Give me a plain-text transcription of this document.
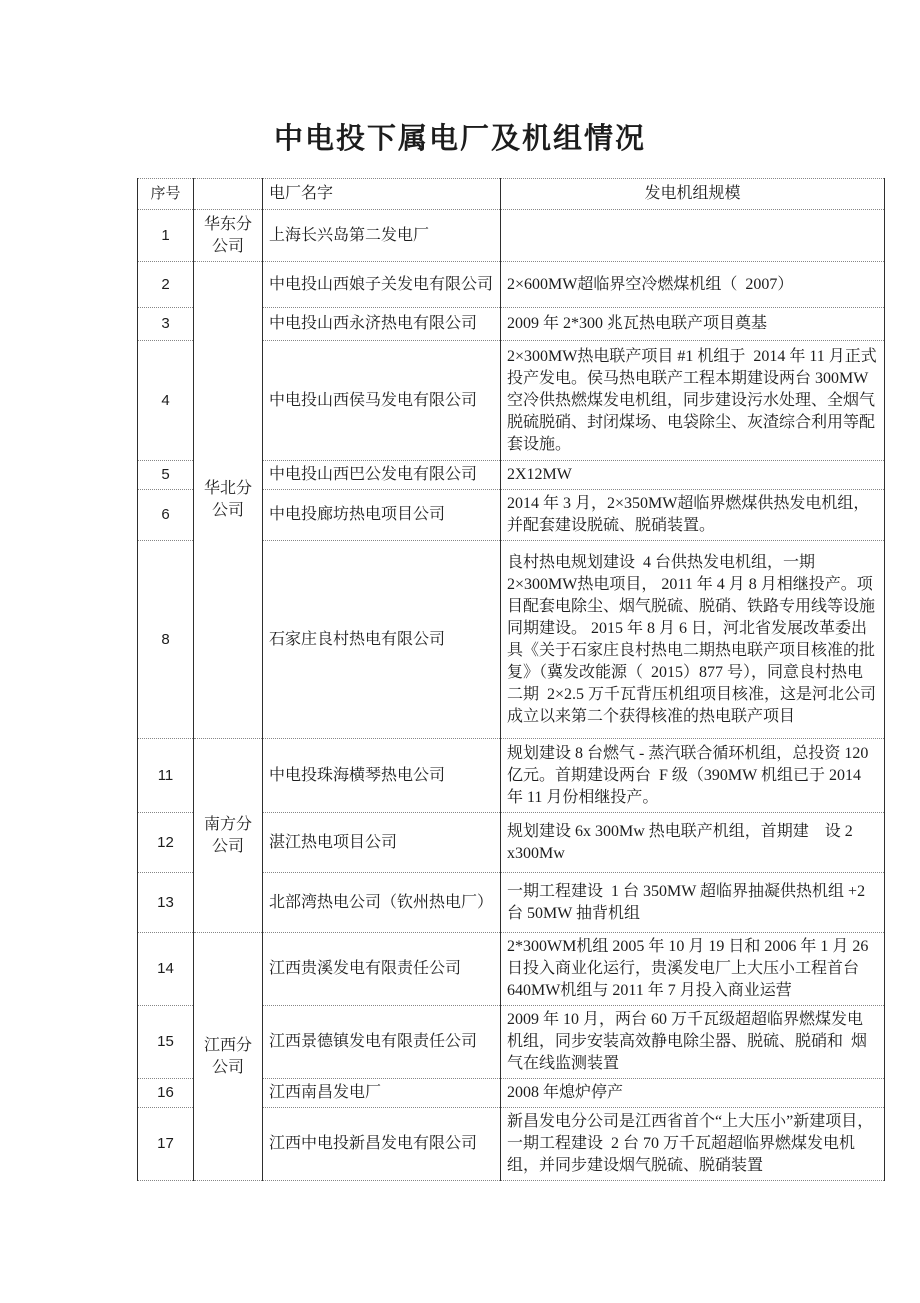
中电投下属电厂及机组情况
序号		电厂名字	发电机组规模
1	华东分公司	上海长兴岛第二发电厂	
2	华北分公司	中电投山西娘子关发电有限公司	2×600MW超临界空冷燃煤机组（  2007）
3		中电投山西永济热电有限公司	2009 年 2*300 兆瓦热电联产项目奠基
4		中电投山西侯马发电有限公司	2×300MW热电联产项目 #1 机组于  2014 年 11 月正式投产发电。侯马热电联产工程本期建设两台 300MW空冷供热燃煤发电机组，同步建设污水处理、全烟气脱硫脱硝、封闭煤场、电袋除尘、灰渣综合利用等配套设施。
5		中电投山西巴公发电有限公司	2X12MW
6		中电投廊坊热电项目公司	2014 年 3 月，2×350MW超临界燃煤供热发电机组，并配套建设脱硫、脱硝装置。
8		石家庄良村热电有限公司	良村热电规划建设  4 台供热发电机组，一期  2×300MW热电项目， 2011 年 4 月 8 月相继投产。项目配套电除尘、烟气脱硫、脱硝、铁路专用线等设施同期建设。 2015 年 8 月 6 日，河北省发展改革委出具《关于石家庄良村热电二期热电联产项目核准的批复》（冀发改能源（  2015）877 号），同意良村热电二期  2×2.5 万千瓦背压机组项目核准，这是河北公司成立以来第二个获得核准的热电联产项目
11	南方分公司	中电投珠海横琴热电公司	规划建设 8 台燃气 - 蒸汽联合循环机组，总投资 120 亿元。首期建设两台  F 级（390MW 机组已于 2014 年 11 月份相继投产。
12		湛江热电项目公司	规划建设 6x 300Mw 热电联产机组，首期建    设 2 x300Mw
13		北部湾热电公司（钦州热电厂）	一期工程建设  1 台 350MW 超临界抽凝供热机组 +2 台 50MW 抽背机组
14	江西分公司	江西贵溪发电有限责任公司	2*300WM机组 2005 年 10 月 19 日和 2006 年 1 月 26 日投入商业化运行，贵溪发电厂上大压小工程首台 640MW机组与 2011 年 7 月投入商业运营
15		江西景德镇发电有限责任公司	2009 年 10 月，两台 60 万千瓦级超超临界燃煤发电机组，同步安装高效静电除尘器、脱硫、脱硝和  烟气在线监测装置
16		江西南昌发电厂	2008 年熄炉停产
17		江西中电投新昌发电有限公司	新昌发电分公司是江西省首个“上大压小”新建项目，一期工程建设  2 台 70 万千瓦超超临界燃煤发电机组，并同步建设烟气脱硫、脱硝装置
